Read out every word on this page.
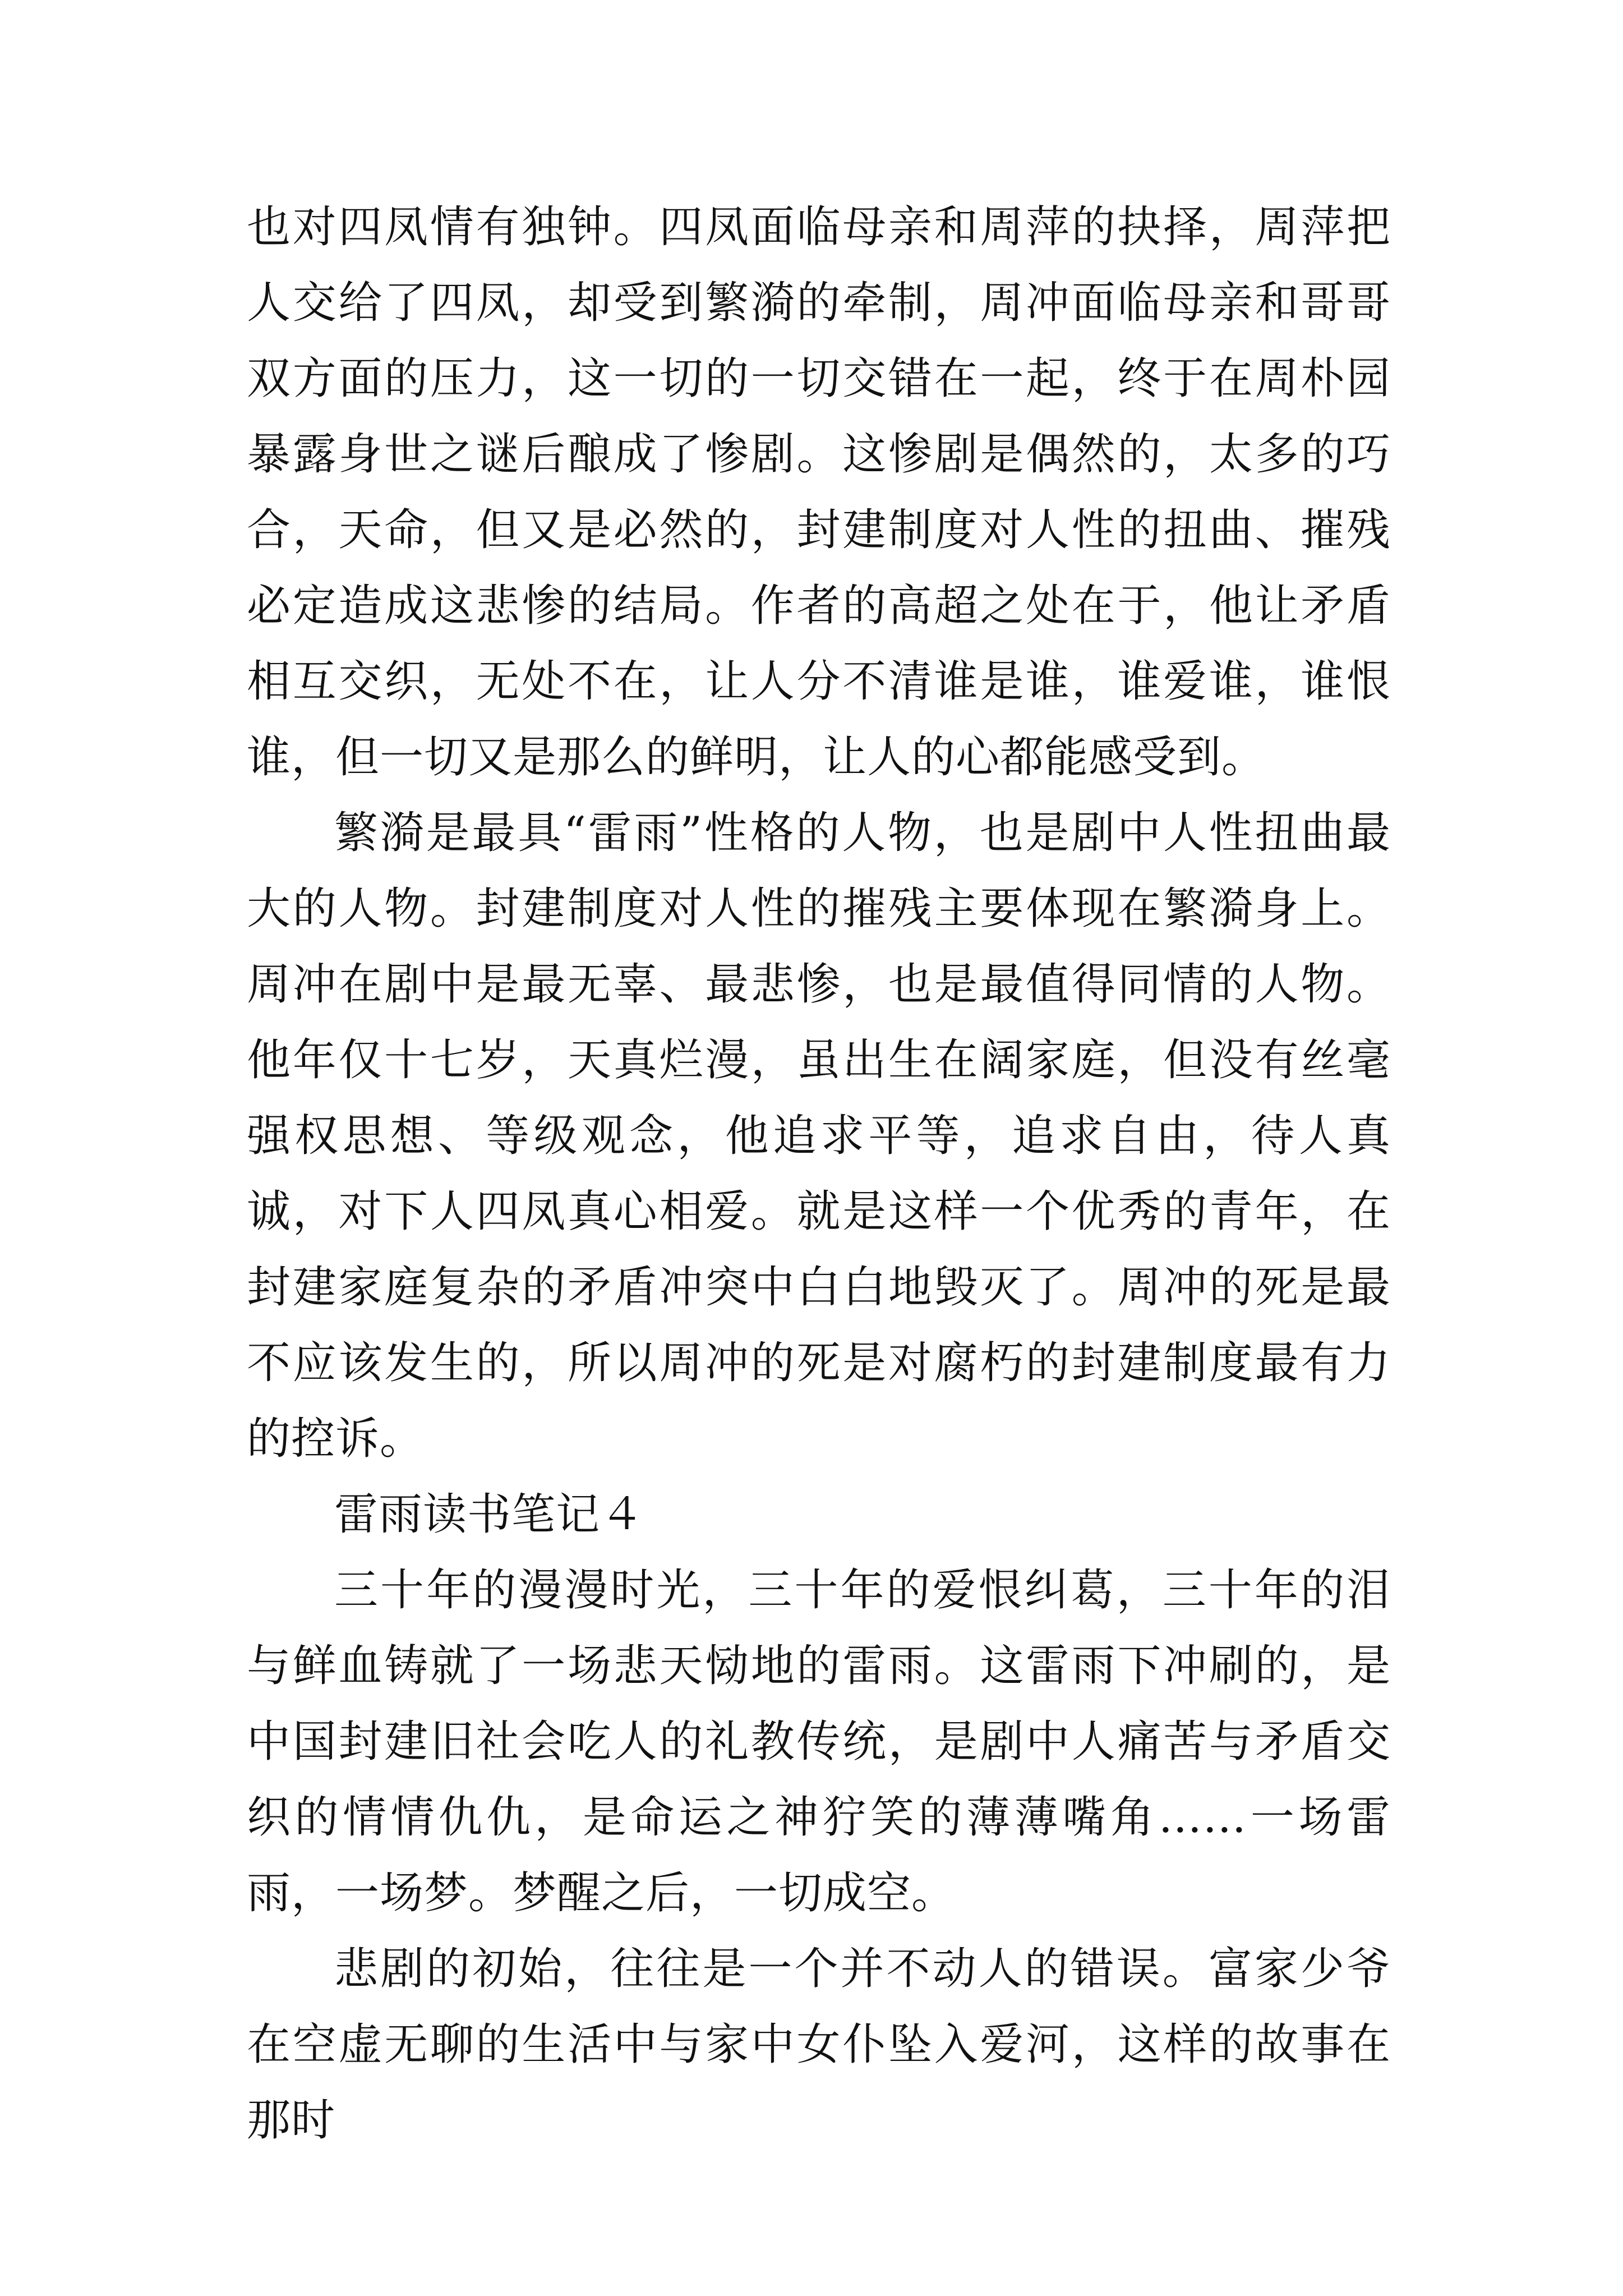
也对四凤情有独钟。四凤面临母亲和周萍的抉择，周萍把人交给了四凤，却受到繁漪的牵制，周冲面临母亲和哥哥双方面的压力，这一切的一切交错在一起，终于在周朴园暴露身世之谜后酿成了惨剧。这惨剧是偶然的，太多的巧合，天命，但又是必然的，封建制度对人性的扭曲、摧残必定造成这悲惨的结局。作者的高超之处在于，他让矛盾相互交织，无处不在，让人分不清谁是谁，谁爱谁，谁恨谁，但一切又是那么的鲜明，让人的心都能感受到。

繁漪是最具“雷雨”性格的人物，也是剧中人性扭曲最大的人物。封建制度对人性的摧残主要体现在繁漪身上。周冲在剧中是最无辜、最悲惨，也是最值得同情的人物。他年仅十七岁，天真烂漫，虽出生在阔家庭，但没有丝毫强权思想、等级观念，他追求平等，追求自由，待人真诚，对下人四凤真心相爱。就是这样一个优秀的青年，在封建家庭复杂的矛盾冲突中白白地毁灭了。周冲的死是最不应该发生的，所以周冲的死是对腐朽的封建制度最有力的控诉。

雷雨读书笔记４

三十年的漫漫时光，三十年的爱恨纠葛，三十年的泪与鲜血铸就了一场悲天恸地的雷雨。这雷雨下冲刷的，是中国封建旧社会吃人的礼教传统，是剧中人痛苦与矛盾交织的情情仇仇，是命运之神狞笑的薄薄嘴角……一场雷雨，一场梦。梦醒之后，一切成空。

悲剧的初始，往往是一个并不动人的错误。富家少爷在空虚无聊的生活中与家中女仆坠入爱河，这样的故事在那时
